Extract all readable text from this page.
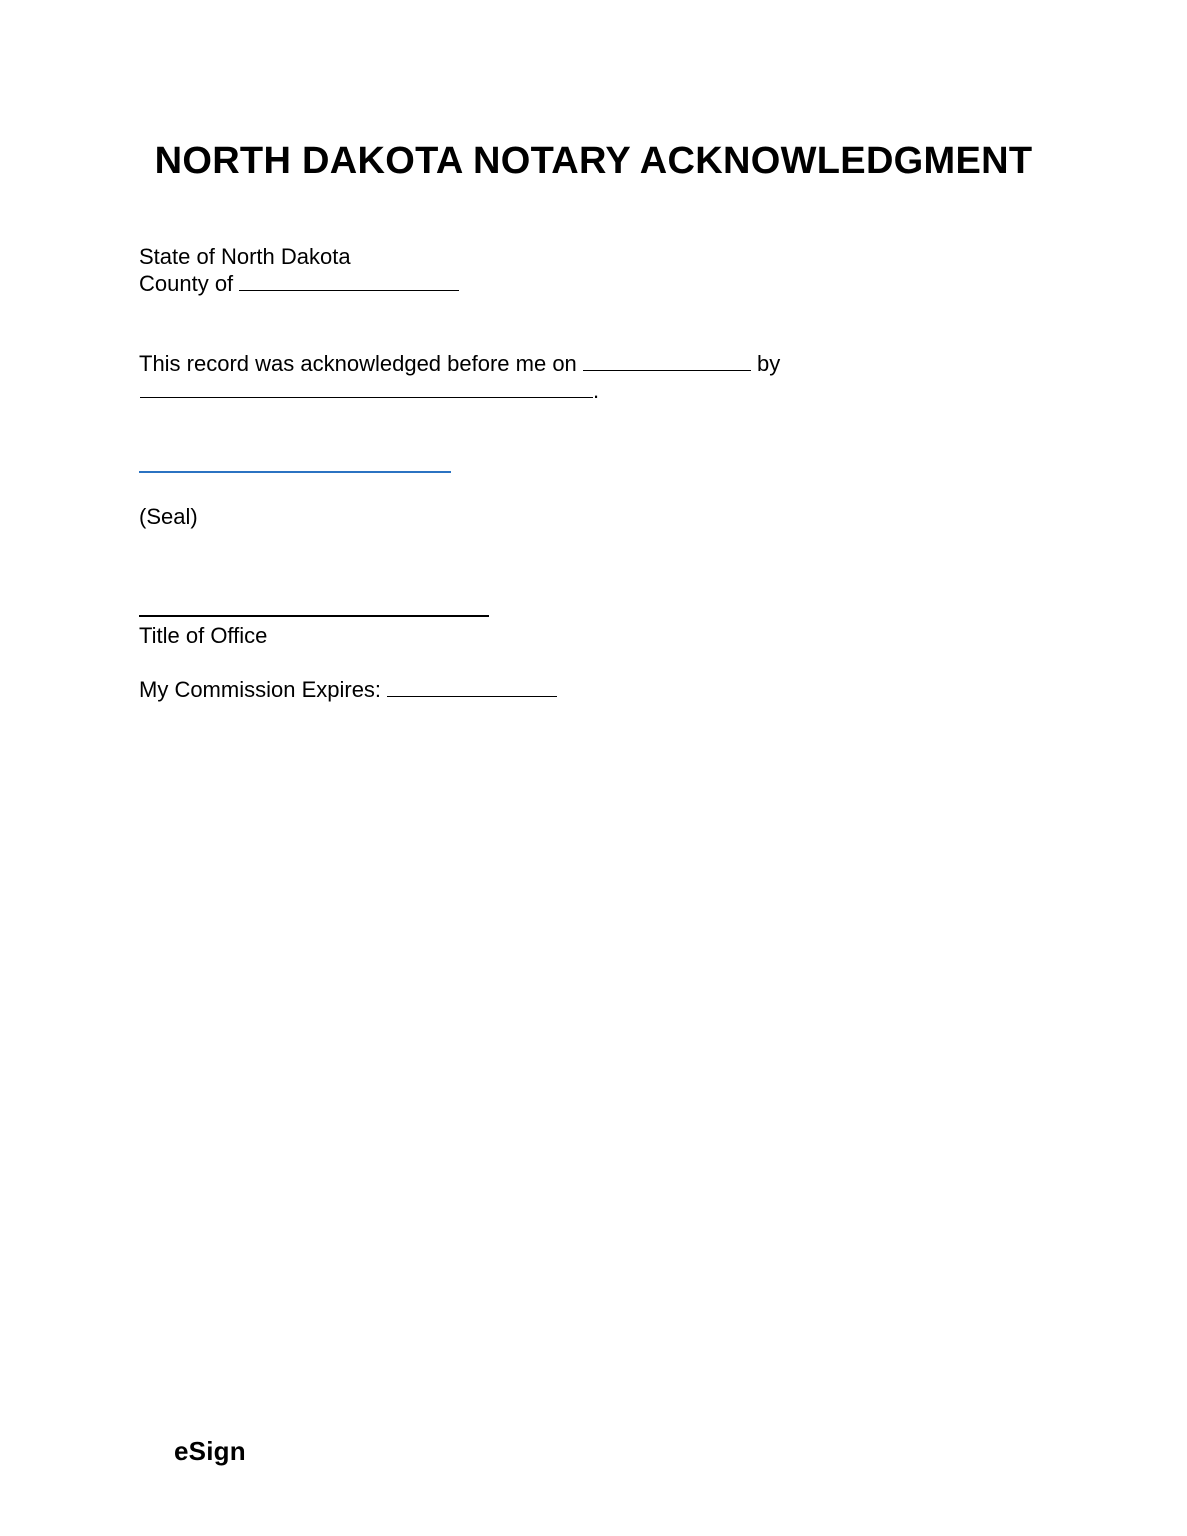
NORTH DAKOTA NOTARY ACKNOWLEDGMENT
State of North Dakota
County of
This record was acknowledged before me on	by
.
(Seal)
Title of Office
My Commission Expires:
eSign
